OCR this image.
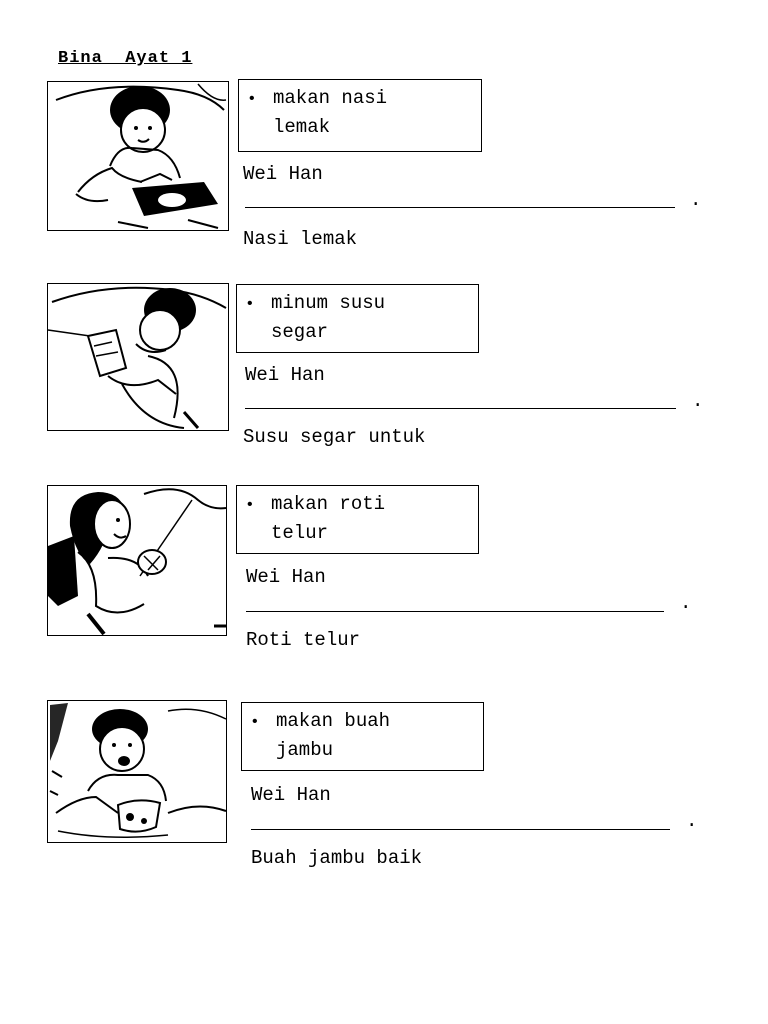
Bina  Ayat 1
• makan nasi
lemak
Wei Han
.
Nasi lemak
• minum susu
segar
Wei Han
.
Susu segar untuk
• makan roti
telur
Wei Han
.
Roti telur
• makan buah
jambu
Wei Han
.
Buah jambu baik
